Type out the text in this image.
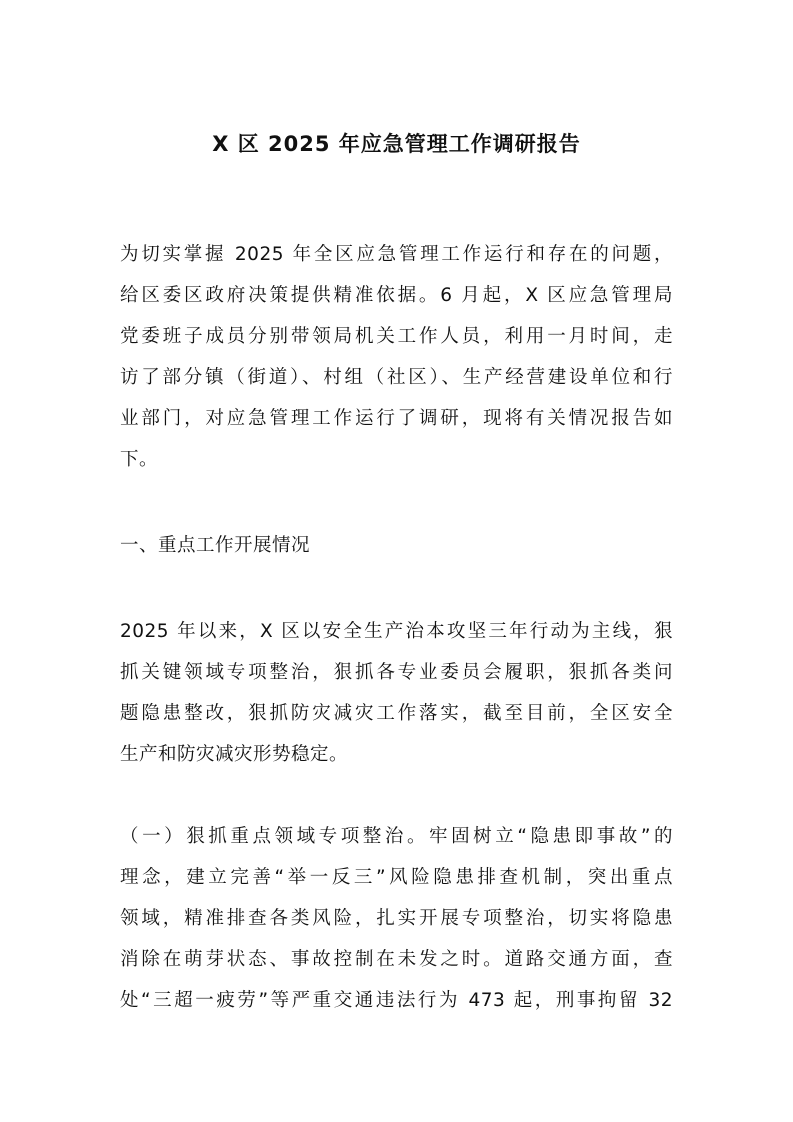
X 区 2025 年应急管理工作调研报告
为切实掌握 2025 年全区应急管理工作运行和存在的问题，
给区委区政府决策提供精准依据。6 月起，X 区应急管理局
党委班子成员分别带领局机关工作人员，利用一月时间，走
访了部分镇（街道）、村组（社区）、生产经营建设单位和行
业部门，对应急管理工作运行了调研，现将有关情况报告如
下。
一、重点工作开展情况
2025 年以来，X 区以安全生产治本攻坚三年行动为主线，狠
抓关键领域专项整治，狠抓各专业委员会履职，狠抓各类问
题隐患整改，狠抓防灾减灾工作落实，截至目前，全区安全
生产和防灾减灾形势稳定。
（一）狠抓重点领域专项整治。牢固树立“隐患即事故”的
理念，建立完善“举一反三”风险隐患排查机制，突出重点
领域，精准排查各类风险，扎实开展专项整治，切实将隐患
消除在萌芽状态、事故控制在未发之时。道路交通方面，查
处“三超一疲劳”等严重交通违法行为 473 起，刑事拘留 32
